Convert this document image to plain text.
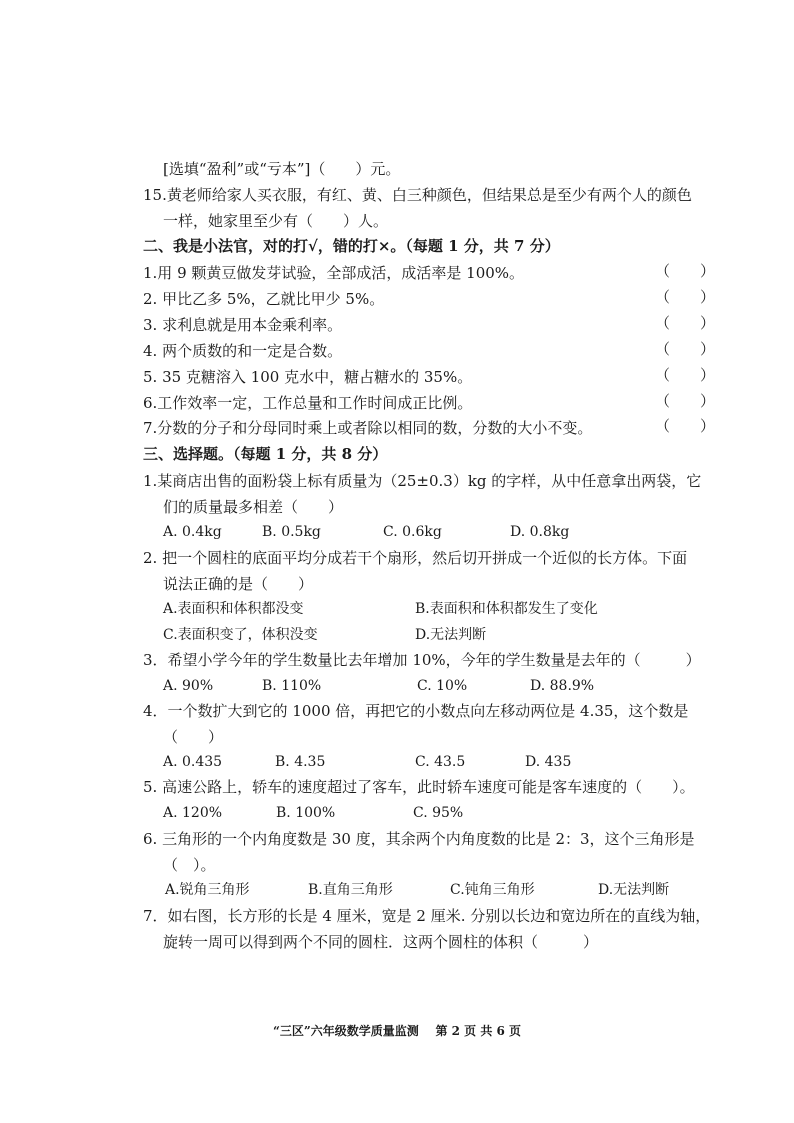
[选填“盈利”或“亏本”]（　　）元。
15.黄老师给家人买衣服，有红、黄、白三种颜色，但结果总是至少有两个人的颜色
一样，她家里至少有（　　）人。
二、我是小法官，对的打√，错的打×。（每题 1 分，共 7 分）
1.用 9 颗黄豆做发芽试验，全部成活，成活率是 100%。	（　　）
2. 甲比乙多 5%，乙就比甲少 5%。	（　　）
3. 求利息就是用本金乘利率。	（　　）
4. 两个质数的和一定是合数。	（　　）
5. 35 克糖溶入 100 克水中，糖占糖水的 35%。	（　　）
6.工作效率一定，工作总量和工作时间成正比例。	（　　）
7.分数的分子和分母同时乘上或者除以相同的数，分数的大小不变。	（　　）
三、选择题。（每题 1 分，共 8 分）
1.某商店出售的面粉袋上标有质量为（25±0.3）kg 的字样，从中任意拿出两袋，它
们的质量最多相差（　　）
A. 0.4kg	B. 0.5kg	C. 0.6kg	D. 0.8kg
2. 把一个圆柱的底面平均分成若干个扇形，然后切开拼成一个近似的长方体。下面
说法正确的是（　　）
A.表面积和体积都没变	B.表面积和体积都发生了变化
C.表面积变了，体积没变	D.无法判断
3．希望小学今年的学生数量比去年增加 10%，今年的学生数量是去年的（　　　）
A. 90%	B. 110%	C. 10%	D. 88.9%
4．一个数扩大到它的 1000 倍，再把它的小数点向左移动两位是 4.35，这个数是
（　　）
A. 0.435	B. 4.35	C. 43.5	D. 435
5. 高速公路上，轿车的速度超过了客车，此时轿车速度可能是客车速度的（　　）。
A. 120%	B. 100%	C. 95%
6. 三角形的一个内角度数是 30 度，其余两个内角度数的比是 2：3，这个三角形是
（　）。
A.锐角三角形	B.直角三角形	C.钝角三角形	D.无法判断
7．如右图，长方形的长是 4 厘米，宽是 2 厘米. 分别以长边和宽边所在的直线为轴，
旋转一周可以得到两个不同的圆柱．这两个圆柱的体积（　　　）
“三区”六年级数学质量监测 第 2 页 共 6 页
